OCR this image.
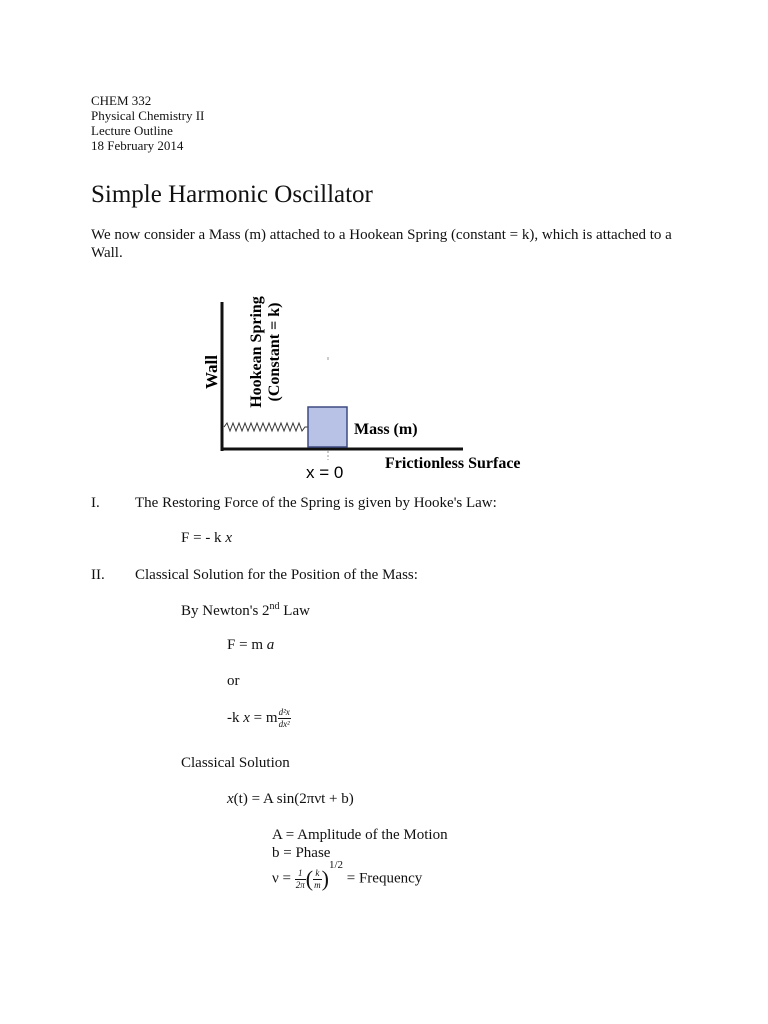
CHEM 332
Physical Chemistry II
Lecture Outline
18 February 2014
Simple Harmonic Oscillator
We now consider a Mass (m) attached to a Hookean Spring (constant = k), which is attached to a
Wall.
Wall Hookean Spring (Constant = k)
Mass (m)
Frictionless Surface
x = 0
I. The Restoring Force of the Spring is given by Hooke's Law:
F = - k x
II. Classical Solution for the Position of the Mass:
By Newton's 2nd Law
F = m a
or
-k x = m $\frac{\text{d²x}}{\text{dx²}}$
Classical Solution
x(t) = A sin(2πνt + b)
A = Amplitude of the Motion
b = Phase
$\nu = \frac{1}{2\pi}$ ( $\frac{k}{m} )^{1/2}$ = Frequency
